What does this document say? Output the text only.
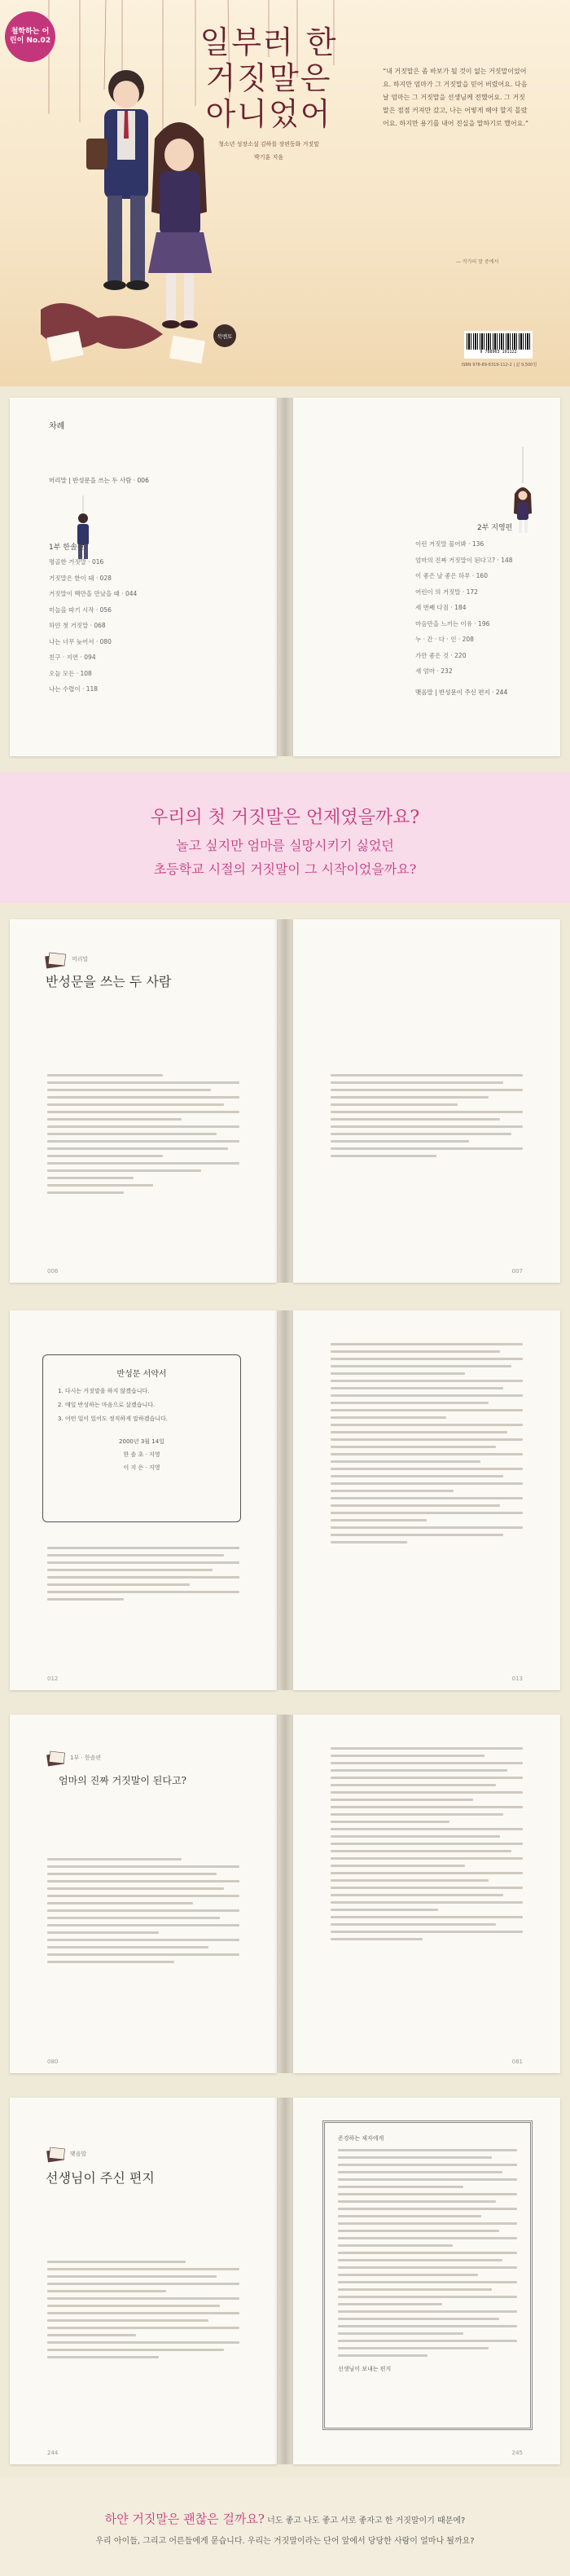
철학하는 어린이 No.02	일부러 한
거짓말은
아니었어
청소년 성장소설 김하를 장편동화 거짓말
박기훈 지음
북멘토
“내 거짓말은 좀 바보가 될 것이 없는 거짓말이었어요. 하지만 엄마가 그 거짓말을 믿어 버렸어요. 다음 날 엄마는 그 거짓말을 선생님께 전했어요. 그 거짓말은 점점 커져만 갔고, 나는 어떻게 해야 할지 몰랐어요. 하지만 용기를 내어 진실을 말하기로 했어요.”
— 작가의 말 중에서
9 788963 191122
ISBN 978-89-6319-112-2 | 값 9,500원
차례
머리말 | 반성문을 쓰는 두 사람 · 006
1부 한솔편
명골한 거짓말 · 016
거짓말은 한이 돼 · 028
거짓말이 백만을 만났을 때 · 044
미늘을 따기 시작 · 056
하얀 첫 거짓말 · 068
나는 너무 늦어서 · 080
친구 · 지연 · 094
오늘 모든 · 108
나는 수렵이 · 118
2부 지영편
이런 거짓말 물어봐 · 136
엄마의 진짜 거짓말이 된다고? · 148
이 좋은 날 좋은 하루 · 160
어린이 의 거짓말 · 172
세 번째 다짐 · 184
마음만을 느끼는 이유 · 196
누 · 간 · 다 · 인 · 208
가만 좋은 것 · 220
새 엄마 · 232
맺음말 | 반성문이 주신 편지 · 244
우리의 첫 거짓말은 언제였을까요?
놀고 싶지만 엄마를 실망시키기 싫었던
초등학교 시절의 거짓말이 그 시작이었을까요?
머리말
반성문을 쓰는 두 사람
006	007
반성문 서약서
1. 다시는 거짓말을 하지 않겠습니다.
2. 매일 반성하는 마음으로 살겠습니다.
3. 어떤 일이 있어도 정직하게 말하겠습니다.
2000년 3월 14일
한 솔 초 · 지영
이 지 은 · 지영
012	013
1부 · 한솔편
엄마의 진짜 거짓말이 된다고?
080	081
맺음말
선생님이 주신 편지
244
존경하는 제자에게
선생님이 보내는 편지
245
하얀 거짓말은 괜찮은 걸까요? 너도 좋고 나도 좋고 서로 좋자고 한 거짓말이기 때문에?
우리 아이들, 그리고 어른들에게 묻습니다. 우리는 거짓말이라는 단어 앞에서 당당한 사람이 얼마나 될까요?
